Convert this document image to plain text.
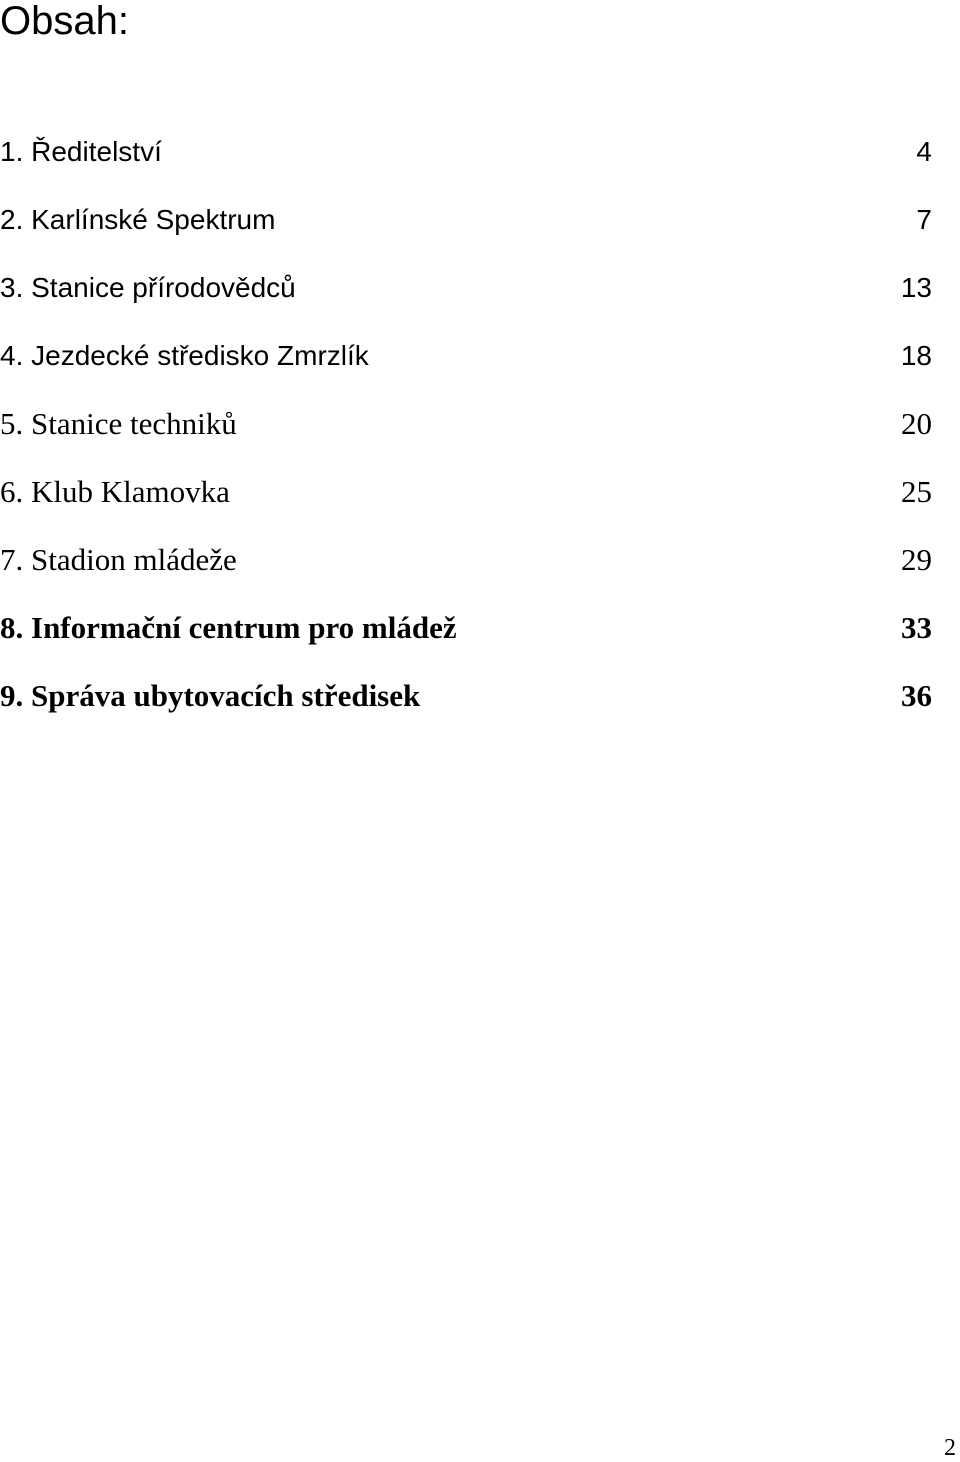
Obsah:
1. Ředitelství	4
2. Karlínské Spektrum	7
3. Stanice přírodovědců	13
4. Jezdecké středisko Zmrzlík	18
5. Stanice techniků	20
6. Klub Klamovka	25
7. Stadion mládeže	29
8. Informační centrum pro mládež	33
9. Správa ubytovacích středisek	36
2
